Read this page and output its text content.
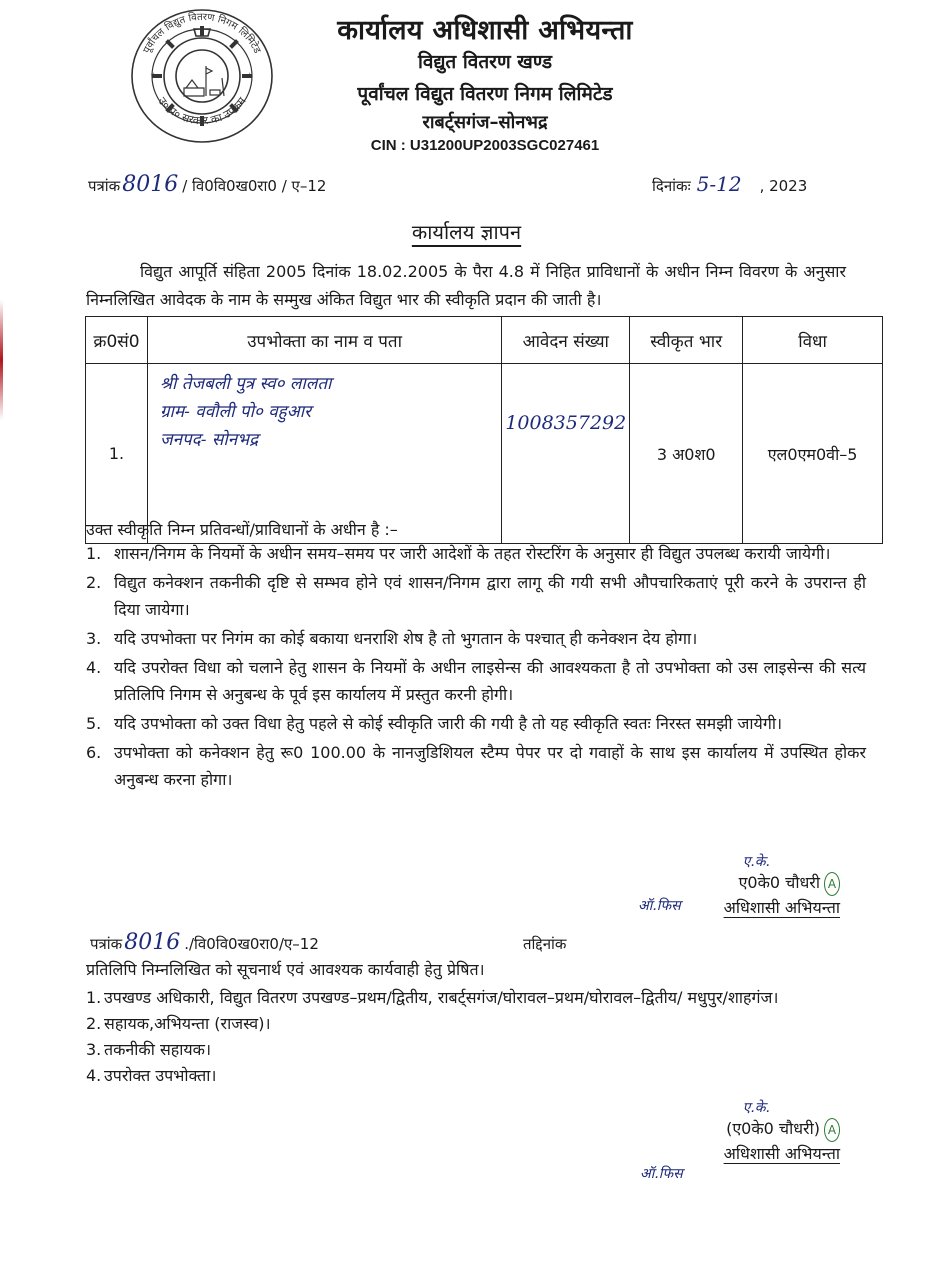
☆	☆
पूर्वांचल विद्युत वितरण निगम लिमिटेड
उ० प्र० सरकार का उपक्रम
कार्यालय अधिशासी अभियन्ता
विद्युत वितरण खण्ड
पूर्वांचल विद्युत वितरण निगम लिमिटेड
राबर्ट्सगंज–सोनभद्र
CIN : U31200UP2003SGC027461
पत्रांक8016 / वि0वि0ख0रा0 / ए–12	दिनांकः 5-12 , 2023
कार्यालय ज्ञापन
विद्युत आपूर्ति संहिता 2005 दिनांक 18.02.2005 के पैरा 4.8 में निहित प्राविधानों के अधीन निम्न विवरण के अनुसार निम्नलिखित आवेदक के नाम के सम्मुख अंकित विद्युत भार की स्वीकृति प्रदान की जाती है।
क्र0सं0	उपभोक्ता का नाम व पता	आवेदन संख्या	स्वीकृत भार	विधा
1.	श्री तेजबली पुत्र स्व० लालता
ग्राम- ववौली पो० वहुआर
जनपद- सोनभद्र	1008357292	3 अ0श0	एल0एम0वी–5
उक्त स्वीकृति निम्न प्रतिवन्धों/प्राविधानों के अधीन है :–
1. शासन/निगम के नियमों के अधीन समय–समय पर जारी आदेशों के तहत रोस्टरिंग के अनुसार ही विद्युत उपलब्ध करायी जायेगी।
2. विद्युत कनेक्शन तकनीकी दृष्टि से सम्भव होने एवं शासन/निगम द्वारा लागू की गयी सभी औपचारिकताएं पूरी करने के उपरान्त ही दिया जायेगा।
3. यदि उपभोक्ता पर निगंम का कोई बकाया धनराशि शेष है तो भुगतान के पश्चात् ही कनेक्शन देय होगा।
4. यदि उपरोक्त विधा को चलाने हेतु शासन के नियमों के अधीन लाइसेन्स की आवश्यकता है तो उपभोक्ता को उस लाइसेन्स की सत्य प्रतिलिपि निगम से अनुबन्ध के पूर्व इस कार्यालय में प्रस्तुत करनी होगी।
5. यदि उपभोक्ता को उक्त विधा हेतु पहले से कोई स्वीकृति जारी की गयी है तो यह स्वीकृति स्वतः निरस्त समझी जायेगी।
6. उपभोक्ता को कनेक्शन हेतु रू0 100.00 के नानजुडिशियल स्टैम्प पेपर पर दो गवाहों के साथ इस कार्यालय में उपस्थित होकर अनुबन्ध करना होगा।
ए.के.
ए0के0 चौधरी A
ऑ.फिस	अधिशासी अभियन्ता
पत्रांक8016 ./वि0वि0ख0रा0/ए–12	तद्दिनांक
प्रतिलिपि निम्नलिखित को सूचनार्थ एवं आवश्यक कार्यवाही हेतु प्रेषित।
1. उपखण्ड अधिकारी, विद्युत वितरण उपखण्ड–प्रथम/द्वितीय, राबर्ट्सगंज/घोरावल–प्रथम/घोरावल–द्वितीय/ मधुपुर/शाहगंज।
2. सहायक,अभियन्ता (राजस्व)।
3. तकनीकी सहायक।
4. उपरोक्त उपभोक्ता।
ए.के.
(ए0के0 चौधरी) A
अधिशासी अभियन्ता
ऑ.फिस
